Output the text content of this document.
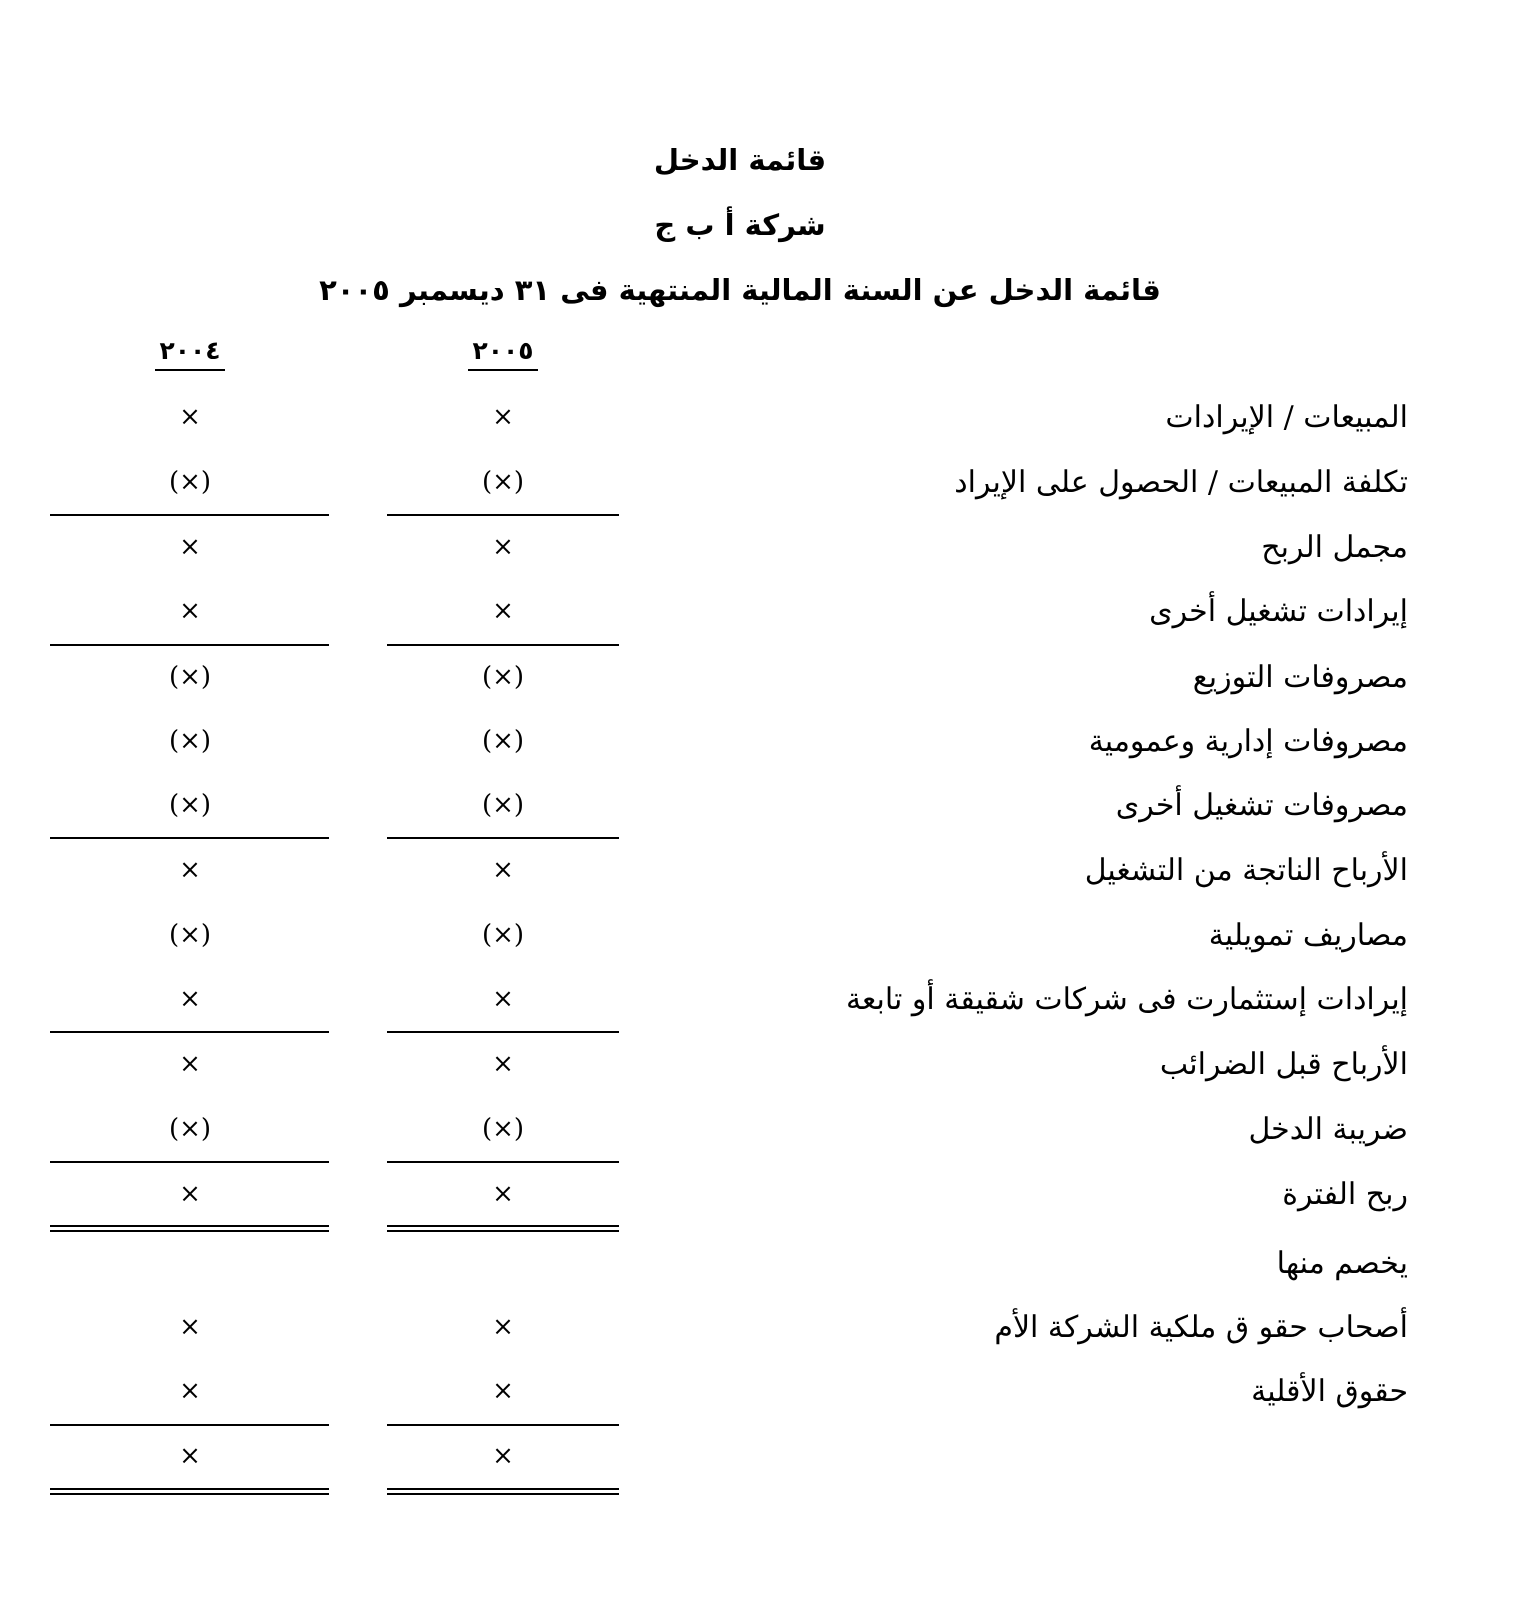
قائمة الدخل
شركة أ ب ج
قائمة الدخل عن السنة المالية المنتهية فى ٣١ ديسمبر ٢٠٠٥
٢٠٠٥
٢٠٠٤
المبيعات / الإيرادات
×
×
تكلفة المبيعات / الحصول على الإيراد
(×)
(×)
مجمل الربح
×
×
إيرادات تشغيل أخرى
×
×
مصروفات التوزيع
(×)
(×)
مصروفات إدارية وعمومية
(×)
(×)
مصروفات تشغيل أخرى
(×)
(×)
الأرباح الناتجة من التشغيل
×
×
مصاريف تمويلية
(×)
(×)
إيرادات إستثمارت فى شركات شقيقة أو تابعة
×
×
الأرباح قبل الضرائب
×
×
ضريبة الدخل
(×)
(×)
ربح الفترة
×
×
يخصم منها
أصحاب حقو ق ملكية الشركة الأم
×
×
حقوق الأقلية
×
×
×
×
